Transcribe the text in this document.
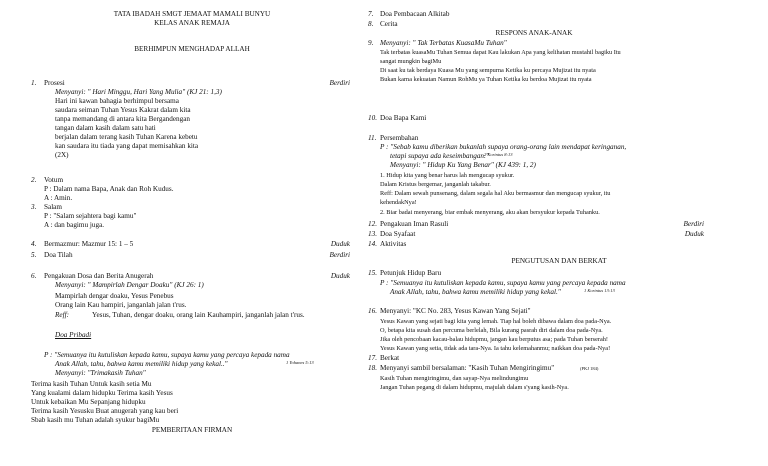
TATA IBADAH SMGT JEMAAT MAMALI BUNYU
KELAS ANAK REMAJA
BERHIMPUN MENGHADAP ALLAH
1. Prosesi	Berdiri
Menyanyi: " Hari Minggu, Hari Yang Mulia" (KJ 21: 1,3)
Hari ini kawan bahagia berhimpul bersama
saudara seiman Tuhan Yesus Kakrat dalam kita
tanpa memandang di antara kita Bergandengan
tangan dalam kasih dalam satu hati
berjalan dalam terang kasih Tuhan Karena kebetu
kan saudara itu tiada yang dapat memisahkan kita
(2X)
2. Votum
P : Dalam nama Bapa, Anak dan Roh Kudus.
A : Amin.
3. Salam
P : "Salam sejahtera bagi kamu"
A : dan bagimu juga.
4. Bermazmur: Mazmur 15: 1 – 5	Duduk
5. Doa Tilah	Berdiri
6. Pengakuan Dosa dan Berita Anugerah	Duduk
Menyanyi: " Mampirlah Dengar Doaku" (KJ 26: 1)
Mampirlah dengar doaku, Yesus Penebus
Orang lain Kau hampiri, janganlah jalan t'rus.
Reff:	Yesus, Tuhan, dengar doaku, orang lain Kauhampiri, janganlah jalan t'rus.
Doa Pribadi
P : "Semuanya itu kutuliskan kepada kamu, supaya kamu yang percaya kepada nama
Anak Allah, tahu, bahwa kamu memiliki hidup yang kekal.."	1 Yohanes 5:13
Menyanyi: "Trimakasih Tuhan"
Terima kasih Tuhan Untuk kasih setia Mu
Yang kualami dalam hidupku Terima kasih Yesus
Untuk kebaikan Mu Sepanjang hidupku
Terima kasih Yesusku Buat anugerah yang kau beri
Sbab kasih mu Tuhan adalah syukur bagiMu
PEMBERITAAN FIRMAN
7. Doa Pembacaan Alkitab
8. Cerita
RESPONS ANAK-ANAK
9. Menyanyi: " Tak Terbatas KuasaMu Tuhan"
Tak terbatas kuasaMu Tuhan Semua dapat Kau lakukan Apa yang kelihatan mustahil bagiku Itu
sangat mungkin bagiMu
Di saat ku tak berdaya Kuasa Mu yang sempurna Ketika ku percaya Mujizat itu nyata
Bukan karna kekuatan Namun RohMu ya Tuhan Ketika ku berdoa Mujizat itu nyata
10. Doa Bapa Kami
11. Persembahan
P : "Sebab kamu diberikan bukanlah supaya orang-orang lain mendapat keringanan,
tetapi supaya ada keseimbangan."
2 Korintus 8:13
Menyanyi: " Hidup Ku Yang Benar" (KJ 439: 1, 2)
1. Hidup kita yang benar harus lah mengucap syukur.
Dalam Kristus bergemar, janganlah takabur.
Reff: Dalam sewah punsenang, dalam segala hal Aku bermasmur dan mengucap syukur, itu
kehendakNya!
2. Biar badai menyerang, biar embak menyerang, aku akan bersyukur kepada Tuhanku.
12. Pengakuan Iman Rasuli	Berdiri
13. Doa Syafaat	Duduk
14. Aktivitas
PENGUTUSAN DAN BERKAT
15. Petunjuk Hidup Baru
P : "Semuanya itu kutuliskan kepada kamu, supaya kamu yang percaya kepada nama
Anak Allah, tahu, bahwa kamu memiliki hidup yang kekal."	1 Korintus 13:13
16. Menyanyi: "KC No. 283, Yesus Kawan Yang Sejati"
Yesus Kawan yang sejati bagi kita yang lemah. Tiap hal boleh dibawa dalam doa pada-Nya.
O, betapa kita susah dan percuma berlelah, Bila kurang pasrah diri dalam doa pada-Nya.
Jika oleh pencobaan kacau-balau hidupmu, jangan kau berputus asa; pada Tuhan berserah!
Yesus Kawan yang setia, tidak ada tara-Nya. Ia tahu kelemahanmu; naikkan doa pada-Nya!
17. Berkat
18. Menyanyi sambil bersalaman: "Kasih Tuhan Mengiringimu"	(PKJ 184)
Kasih Tuhan mengiringimu, dan sayap-Nya melindungimu
Jangan Tuhan pegang di dalam hidupmu, majulah dalam s'yang kasih-Nya.
